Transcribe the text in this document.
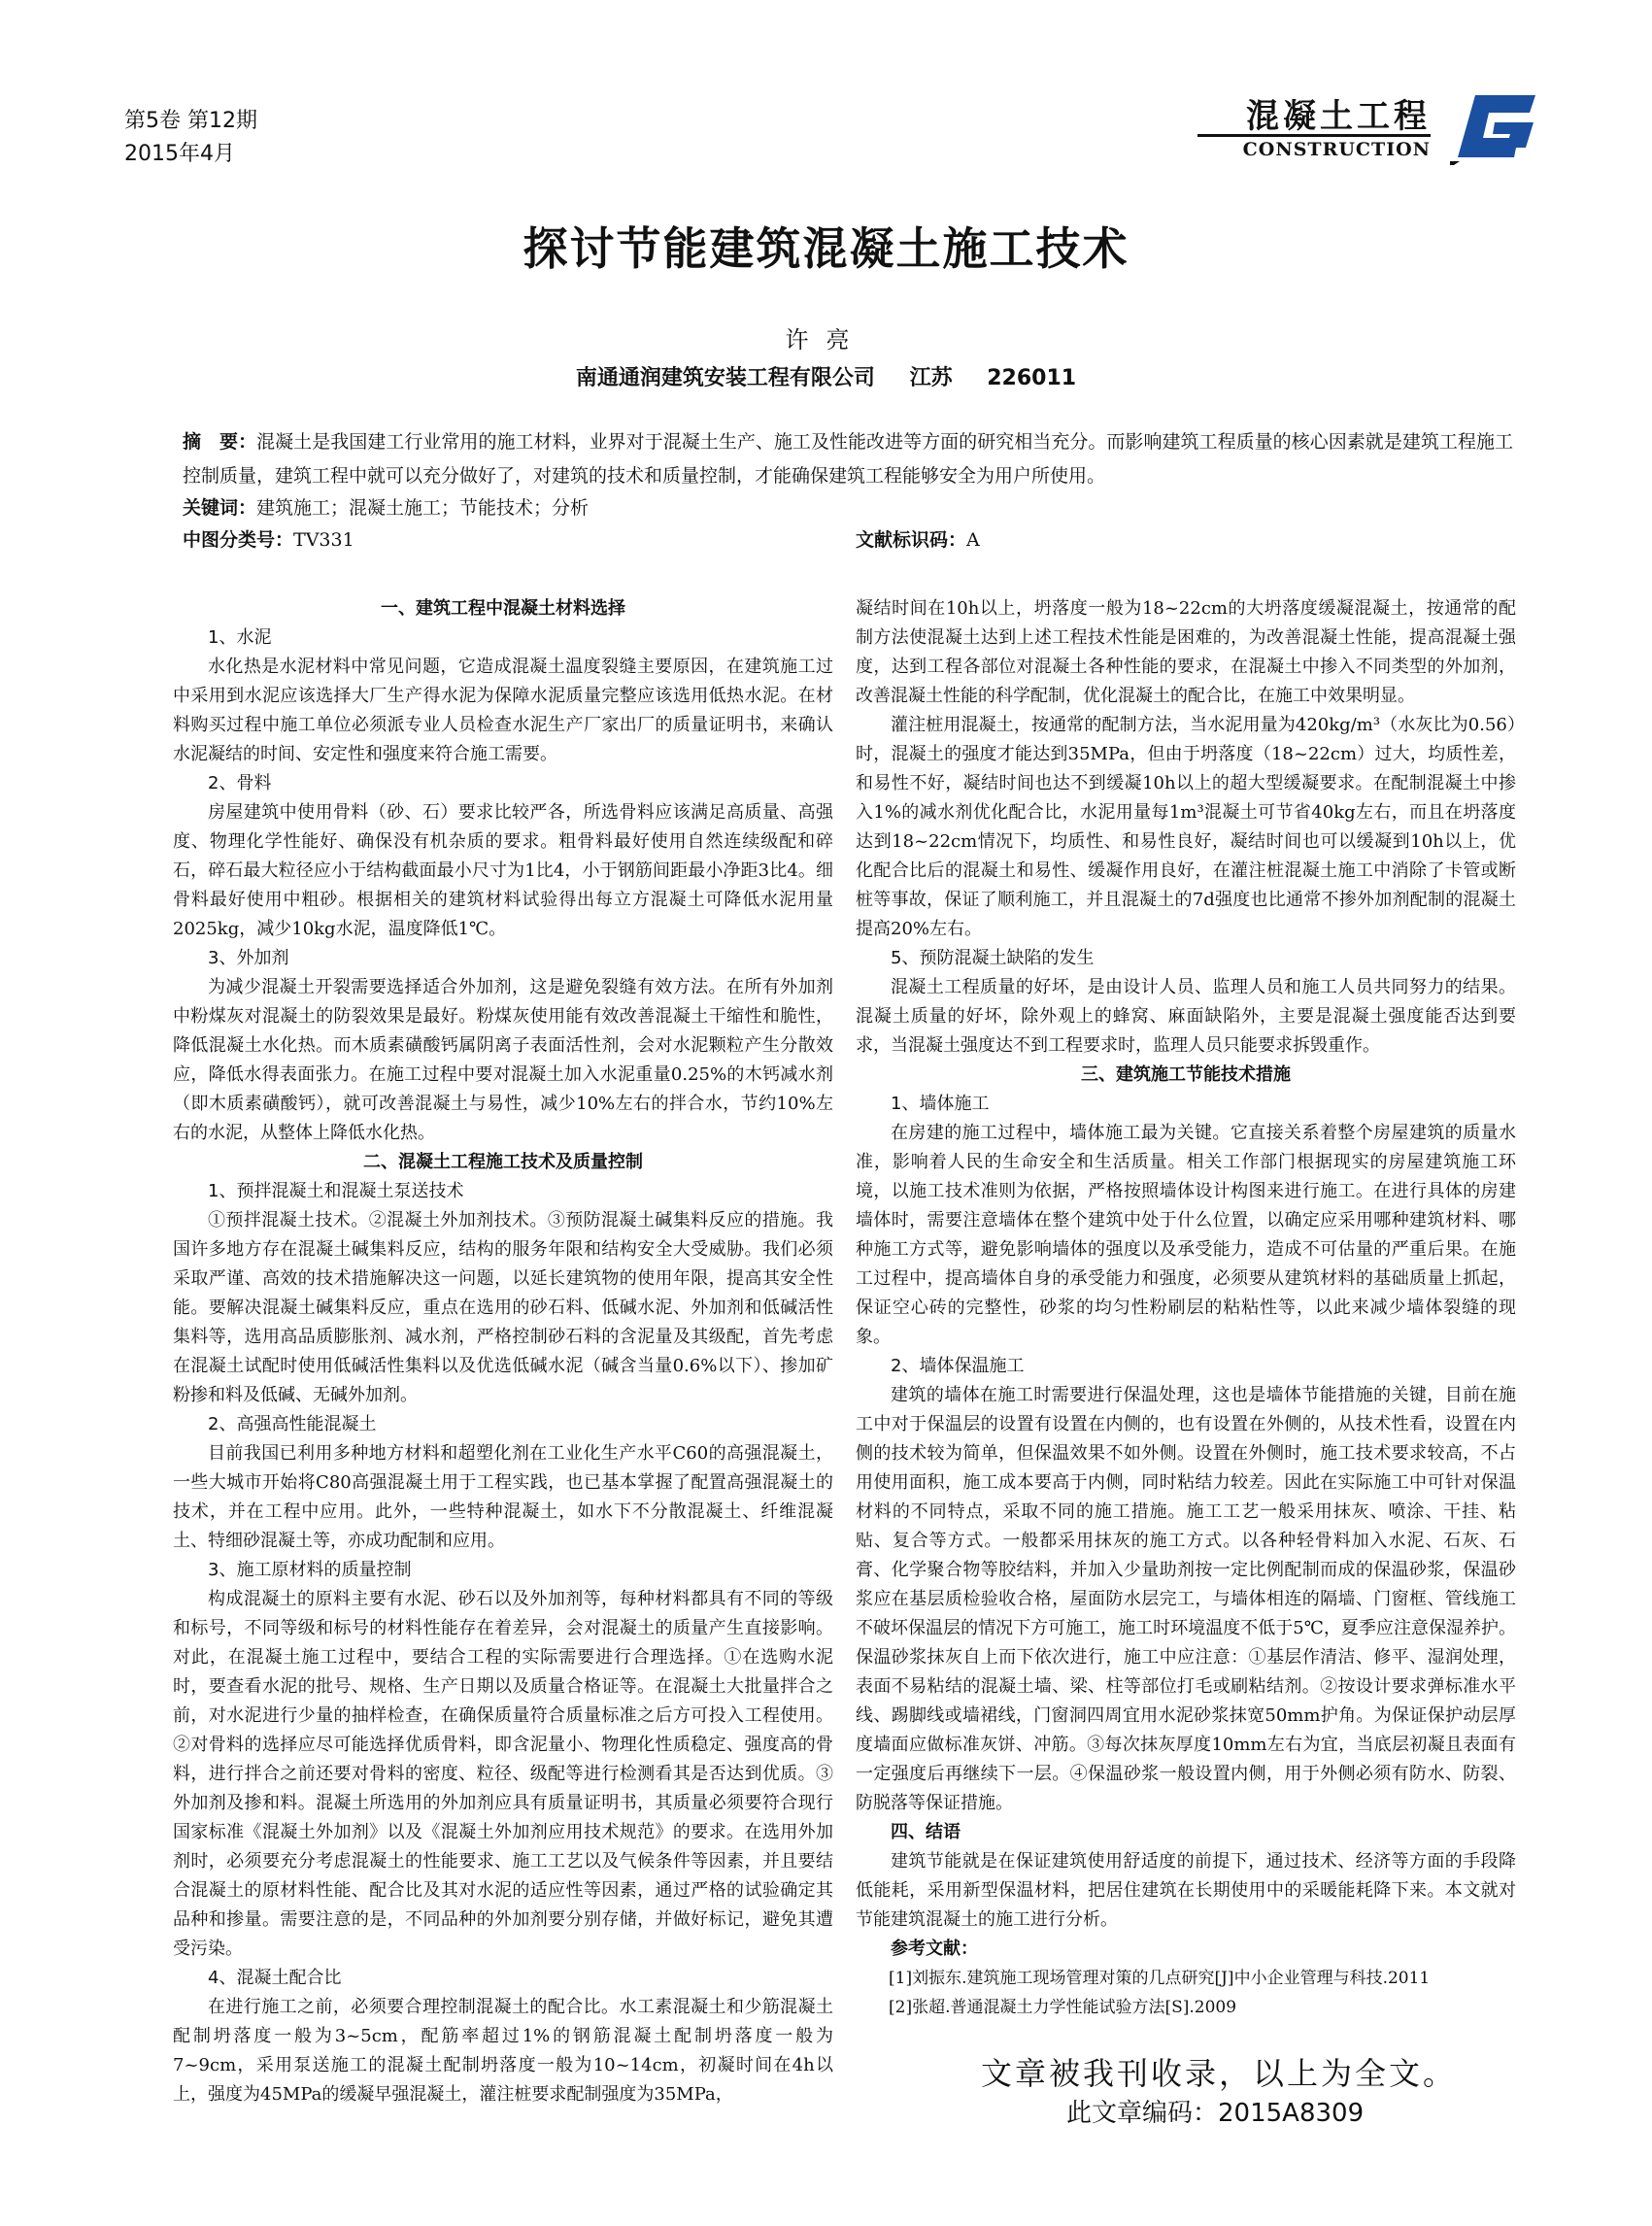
第5卷 第12期
2015年4月
混凝土工程
CONSTRUCTION
探讨节能建筑混凝土施工技术
许亮
南通通润建筑安装工程有限公司 江苏 226011
摘　要：混凝土是我国建工行业常用的施工材料，业界对于混凝土生产、施工及性能改进等方面的研究相当充分。而影响建筑工程质量的核心因素就是建筑工程施工控制质量，建筑工程中就可以充分做好了，对建筑的技术和质量控制，才能确保建筑工程能够安全为用户所使用。
关键词：建筑施工；混凝土施工；节能技术；分析
中图分类号：TV331	文献标识码：A

一、建筑工程中混凝土材料选择

1、水泥

水化热是水泥材料中常见问题，它造成混凝土温度裂缝主要原因，在建筑施工过中采用到水泥应该选择大厂生产得水泥为保障水泥质量完整应该选用低热水泥。在材料购买过程中施工单位必须派专业人员检查水泥生产厂家出厂的质量证明书，来确认水泥凝结的时间、安定性和强度来符合施工需要。

2、骨料

房屋建筑中使用骨料（砂、石）要求比较严各，所选骨料应该满足高质量、高强度、物理化学性能好、确保没有机杂质的要求。粗骨料最好使用自然连续级配和碎石，碎石最大粒径应小于结构截面最小尺寸为1比4，小于钢筋间距最小净距3比4。细骨料最好使用中粗砂。根据相关的建筑材料试验得出每立方混凝土可降低水泥用量2025kg，减少10kg水泥，温度降低1℃。

3、外加剂

为减少混凝土开裂需要选择适合外加剂，这是避免裂缝有效方法。在所有外加剂中粉煤灰对混凝土的防裂效果是最好。粉煤灰使用能有效改善混凝土干缩性和脆性，降低混凝土水化热。而木质素磺酸钙属阴离子表面活性剂，会对水泥颗粒产生分散效应，降低水得表面张力。在施工过程中要对混凝土加入水泥重量0.25%的木钙减水剂（即木质素磺酸钙），就可改善混凝土与易性，减少10%左右的拌合水，节约10%左右的水泥，从整体上降低水化热。

二、混凝土工程施工技术及质量控制

1、预拌混凝土和混凝土泵送技术

①预拌混凝土技术。②混凝土外加剂技术。③预防混凝土碱集料反应的措施。我国许多地方存在混凝土碱集料反应，结构的服务年限和结构安全大受威胁。我们必须采取严谨、高效的技术措施解决这一问题，以延长建筑物的使用年限，提高其安全性能。要解决混凝土碱集料反应，重点在选用的砂石料、低碱水泥、外加剂和低碱活性集料等，选用高品质膨胀剂、减水剂，严格控制砂石料的含泥量及其级配，首先考虑在混凝土试配时使用低碱活性集料以及优选低碱水泥（碱含当量0.6%以下）、掺加矿粉掺和料及低碱、无碱外加剂。

2、高强高性能混凝土

目前我国已利用多种地方材料和超塑化剂在工业化生产水平C60的高强混凝土，一些大城市开始将C80高强混凝土用于工程实践，也已基本掌握了配置高强混凝土的技术，并在工程中应用。此外，一些特种混凝土，如水下不分散混凝土、纤维混凝土、特细砂混凝土等，亦成功配制和应用。

3、施工原材料的质量控制

构成混凝土的原料主要有水泥、砂石以及外加剂等，每种材料都具有不同的等级和标号，不同等级和标号的材料性能存在着差异，会对混凝土的质量产生直接影响。对此，在混凝土施工过程中，要结合工程的实际需要进行合理选择。①在选购水泥时，要查看水泥的批号、规格、生产日期以及质量合格证等。在混凝土大批量拌合之前，对水泥进行少量的抽样检查，在确保质量符合质量标准之后方可投入工程使用。②对骨料的选择应尽可能选择优质骨料，即含泥量小、物理化性质稳定、强度高的骨料，进行拌合之前还要对骨料的密度、粒径、级配等进行检测看其是否达到优质。③外加剂及掺和料。混凝土所选用的外加剂应具有质量证明书，其质量必须要符合现行国家标准《混凝土外加剂》以及《混凝土外加剂应用技术规范》的要求。在选用外加剂时，必须要充分考虑混凝土的性能要求、施工工艺以及气候条件等因素，并且要结合混凝土的原材料性能、配合比及其对水泥的适应性等因素，通过严格的试验确定其品种和掺量。需要注意的是，不同品种的外加剂要分别存储，并做好标记，避免其遭受污染。

4、混凝土配合比

在进行施工之前，必须要合理控制混凝土的配合比。水工素混凝土和少筋混凝土配制坍落度一般为3~5cm，配筋率超过1%的钢筋混凝土配制坍落度一般为7~9cm，采用泵送施工的混凝土配制坍落度一般为10~14cm，初凝时间在4h以上，强度为45MPa的缓凝早强混凝土，灌注桩要求配制强度为35MPa，

凝结时间在10h以上，坍落度一般为18~22cm的大坍落度缓凝混凝土，按通常的配制方法使混凝土达到上述工程技术性能是困难的，为改善混凝土性能，提高混凝土强度，达到工程各部位对混凝土各种性能的要求，在混凝土中掺入不同类型的外加剂，改善混凝土性能的科学配制，优化混凝土的配合比，在施工中效果明显。

灌注桩用混凝土，按通常的配制方法，当水泥用量为420kg/m³（水灰比为0.56）时，混凝土的强度才能达到35MPa，但由于坍落度（18~22cm）过大，均质性差，和易性不好，凝结时间也达不到缓凝10h以上的超大型缓凝要求。在配制混凝土中掺入1%的减水剂优化配合比，水泥用量每1m³混凝土可节省40kg左右，而且在坍落度达到18~22cm情况下，均质性、和易性良好，凝结时间也可以缓凝到10h以上，优化配合比后的混凝土和易性、缓凝作用良好，在灌注桩混凝土施工中消除了卡管或断桩等事故，保证了顺利施工，并且混凝土的7d强度也比通常不掺外加剂配制的混凝土提高20%左右。

5、预防混凝土缺陷的发生

混凝土工程质量的好坏，是由设计人员、监理人员和施工人员共同努力的结果。混凝土质量的好坏，除外观上的蜂窝、麻面缺陷外，主要是混凝土强度能否达到要求，当混凝土强度达不到工程要求时，监理人员只能要求拆毁重作。

三、建筑施工节能技术措施

1、墙体施工

在房建的施工过程中，墙体施工最为关键。它直接关系着整个房屋建筑的质量水准，影响着人民的生命安全和生活质量。相关工作部门根据现实的房屋建筑施工环境，以施工技术准则为依据，严格按照墙体设计构图来进行施工。在进行具体的房建墙体时，需要注意墙体在整个建筑中处于什么位置，以确定应采用哪种建筑材料、哪种施工方式等，避免影响墙体的强度以及承受能力，造成不可估量的严重后果。在施工过程中，提高墙体自身的承受能力和强度，必须要从建筑材料的基础质量上抓起，保证空心砖的完整性，砂浆的均匀性粉刷层的粘粘性等，以此来减少墙体裂缝的现象。

2、墙体保温施工

建筑的墙体在施工时需要进行保温处理，这也是墙体节能措施的关键，目前在施工中对于保温层的设置有设置在内侧的，也有设置在外侧的，从技术性看，设置在内侧的技术较为简单，但保温效果不如外侧。设置在外侧时，施工技术要求较高，不占用使用面积，施工成本要高于内侧，同时粘结力较差。因此在实际施工中可针对保温材料的不同特点，采取不同的施工措施。施工工艺一般采用抹灰、喷涂、干挂、粘贴、复合等方式。一般都采用抹灰的施工方式。以各种轻骨料加入水泥、石灰、石膏、化学聚合物等胶结料，并加入少量助剂按一定比例配制而成的保温砂浆，保温砂浆应在基层质检验收合格，屋面防水层完工，与墙体相连的隔墙、门窗框、管线施工不破坏保温层的情况下方可施工，施工时环境温度不低于5℃，夏季应注意保湿养护。保温砂浆抹灰自上而下依次进行，施工中应注意：①基层作清洁、修平、湿润处理，表面不易粘结的混凝土墙、梁、柱等部位打毛或刷粘结剂。②按设计要求弹标准水平线、踢脚线或墙裙线，门窗洞四周宜用水泥砂浆抹宽50mm护角。为保证保护动层厚度墙面应做标准灰饼、冲筋。③每次抹灰厚度10mm左右为宜，当底层初凝且表面有一定强度后再继续下一层。④保温砂浆一般设置内侧，用于外侧必须有防水、防裂、防脱落等保证措施。

四、结语

建筑节能就是在保证建筑使用舒适度的前提下，通过技术、经济等方面的手段降低能耗，采用新型保温材料，把居住建筑在长期使用中的采暖能耗降下来。本文就对节能建筑混凝土的施工进行分析。

参考文献：

[1]刘振东.建筑施工现场管理对策的几点研究[J]中小企业管理与科技.2011

[2]张超.普通混凝土力学性能试验方法[S].2009

文章被我刊收录，以上为全文。
此文章编码：2015A8309
